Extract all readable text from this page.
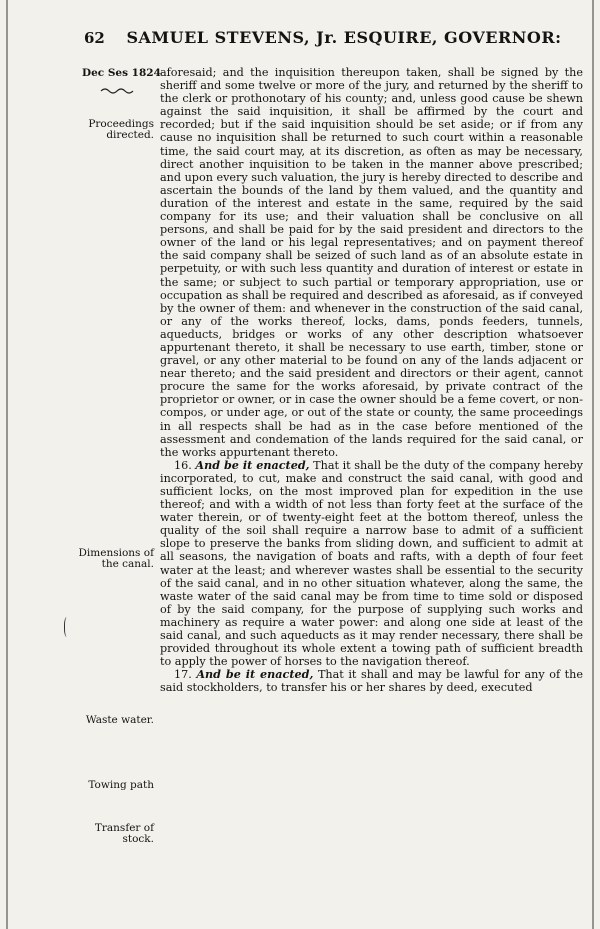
62	SAMUEL STEVENS, Jr. ESQUIRE, GOVERNOR:
Dec Ses 1824
Proceedings directed.
Dimensions of the canal.
Waste water.
Towing path
Transfer of stock.

aforesaid; and the inquisition thereupon taken, shall be signed by the sheriff and some twelve or more of the jury, and returned by the sheriff to the clerk or prothonotary of his county; and, unless good cause be shewn against the said inquisition, it shall be affirmed by the court and recorded; but if the said inquisition should be set aside; or if from any cause no inquisition shall be returned to such court within a reasonable time, the said court may, at its discretion, as often as may be necessary, direct another inquisition to be taken in the manner above prescribed; and upon every such valuation, the jury is hereby directed to describe and ascertain the bounds of the land by them valued, and the quantity and duration of the interest and estate in the same, required by the said company for its use; and their valuation shall be conclusive on all persons, and shall be paid for by the said president and directors to the owner of the land or his legal representatives; and on payment thereof the said company shall be seized of such land as of an absolute estate in perpetuity, or with such less quantity and duration of interest or estate in the same; or subject to such partial or temporary appropriation, use or occupation as shall be required and described as aforesaid, as if conveyed by the owner of them: and whenever in the construction of the said canal, or any of the works thereof, locks, dams, ponds feeders, tunnels, aqueducts, bridges or works of any other description whatsoever appurtenant thereto, it shall be necessary to use earth, timber, stone or gravel, or any other material to be found on any of the lands adjacent or near thereto; and the said president and directors or their agent, cannot procure the same for the works aforesaid, by private contract of the proprietor or owner, or in case the owner should be a feme covert, or non-compos, or under age, or out of the state or county, the same proceedings in all respects shall be had as in the case before mentioned of the assessment and condemation of the lands required for the said canal, or the works appurtenant thereto.

16. And be it enacted, That it shall be the duty of the company hereby incorporated, to cut, make and construct the said canal, with good and sufficient locks, on the most improved plan for expedition in the use thereof; and with a width of not less than forty feet at the surface of the water therein, or of twenty-eight feet at the bottom thereof, unless the quality of the soil shall require a narrow base to admit of a sufficient slope to preserve the banks from sliding down, and sufficient to admit at all seasons, the navigation of boats and rafts, with a depth of four feet water at the least; and wherever wastes shall be essential to the security of the said canal, and in no other situation whatever, along the same, the waste water of the said canal may be from time to time sold or disposed of by the said company, for the purpose of supplying such works and machinery as require a water power: and along one side at least of the said canal, and such aqueducts as it may render necessary, there shall be provided throughout its whole extent a towing path of sufficient breadth to apply the power of horses to the navigation thereof.

17. And be it enacted, That it shall and may be lawful for any of the said stockholders, to transfer his or her shares by deed, executed
